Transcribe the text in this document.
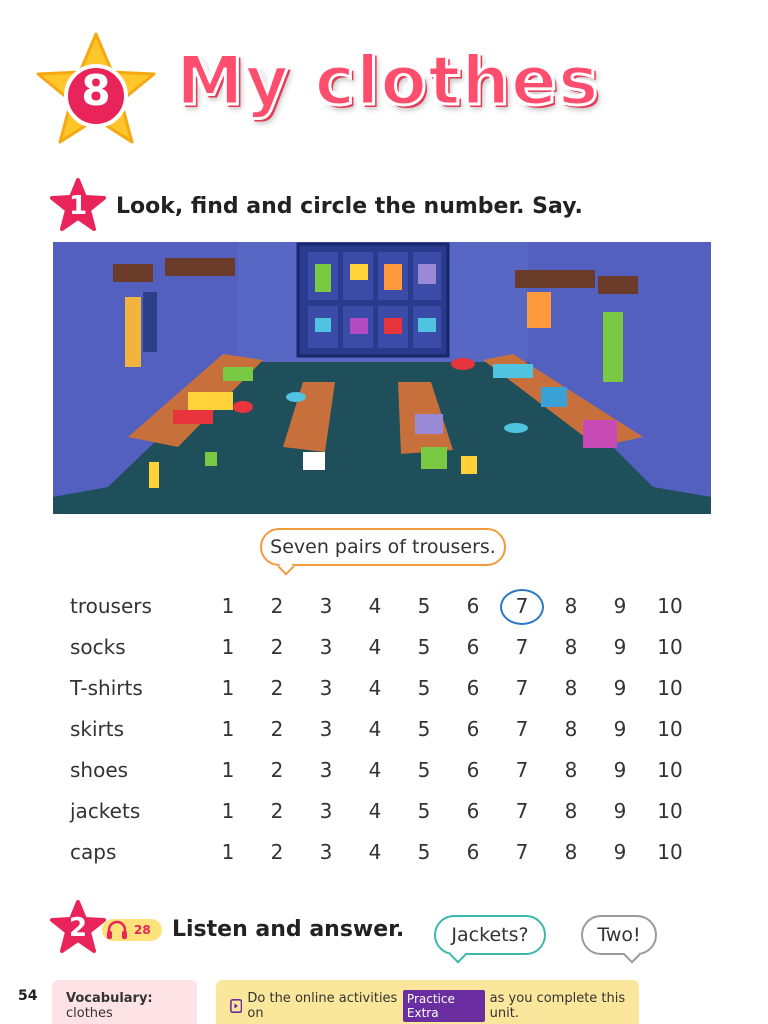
8 My clothes
1	Look, find and circle the number. Say.
Seven pairs of trousers.
trousers	1	2	3	4	5	6	7	8	9	10
socks	1	2	3	4	5	6	7	8	9	10
T-shirts	1	2	3	4	5	6	7	8	9	10
skirts	1	2	3	4	5	6	7	8	9	10
shoes	1	2	3	4	5	6	7	8	9	10
jackets	1	2	3	4	5	6	7	8	9	10
caps	1	2	3	4	5	6	7	8	9	10
2	28 Listen and answer. Jackets?	Two!
54 Vocabulary: clothes
Do the online activities on
Practice Extra
as you complete this unit.
